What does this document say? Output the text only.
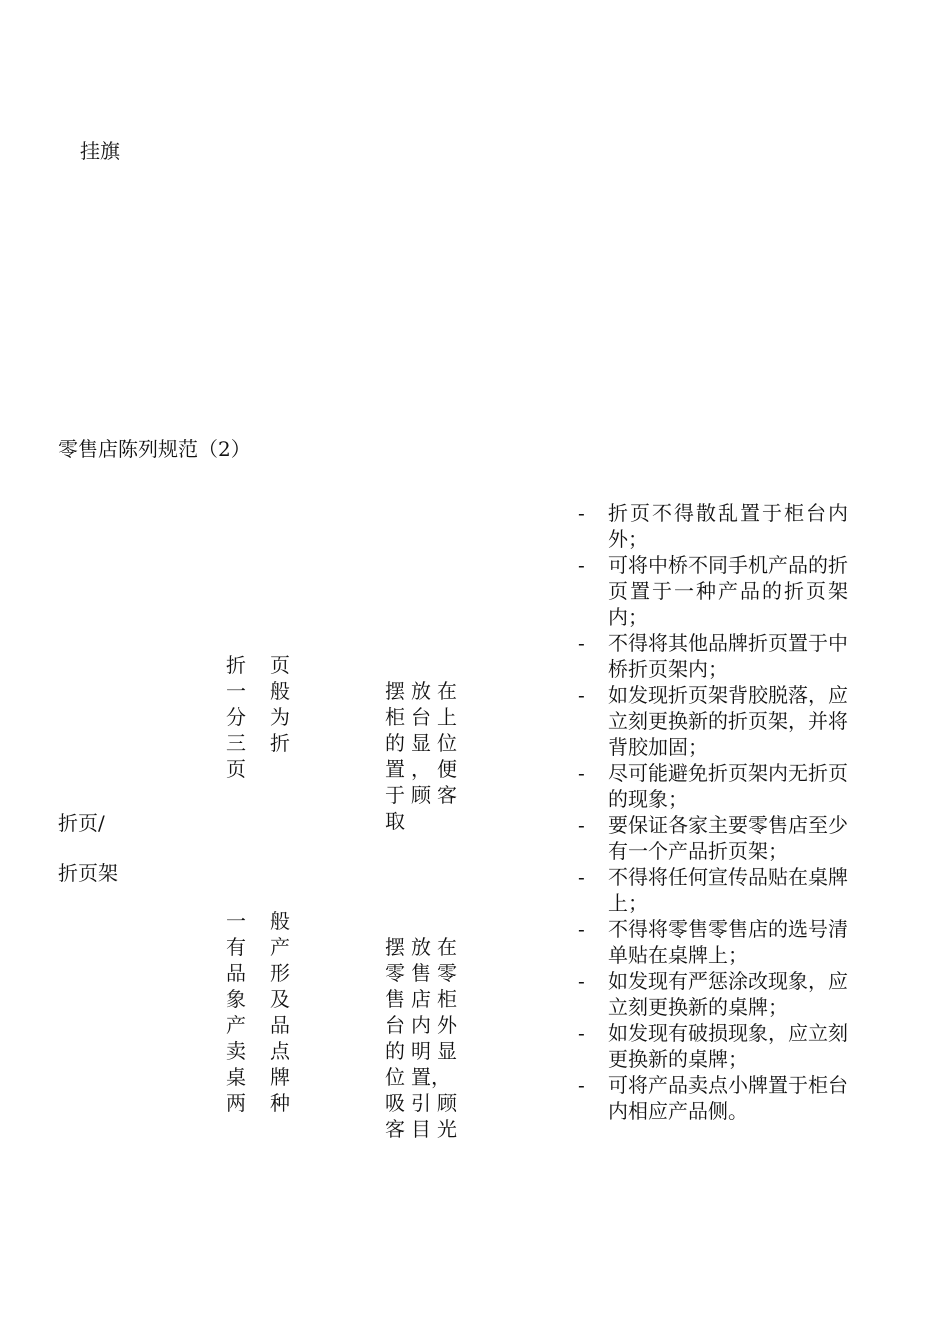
挂旗
零售店陈列规范（2）
折页/
折页架
折 页一 般分 为三 折页
摆 放 在柜 台 上的 显 位置 ， 便于 顾 客取
一 般有 产品 形象 及产 品卖 点桌 牌两 种
摆 放 在零 售 零售 店 柜台 内 外的 明 显位 置，吸 引 顾客 目 光
- 折页不得散乱置于柜台内外；
- 可将中桥不同手机产品的折页置于一种产品的折页架内；
- 不得将其他品牌折页置于中桥折页架内；
- 如发现折页架背胶脱落，应立刻更换新的折页架，并将背胶加固；
- 尽可能避免折页架内无折页的现象；
- 要保证各家主要零售店至少有一个产品折页架；
- 不得将任何宣传品贴在桌牌上；
- 不得将零售零售店的选号清单贴在桌牌上；
- 如发现有严惩涂改现象，应立刻更换新的桌牌；
- 如发现有破损现象，应立刻更换新的桌牌；
- 可将产品卖点小牌置于柜台内相应产品侧。
